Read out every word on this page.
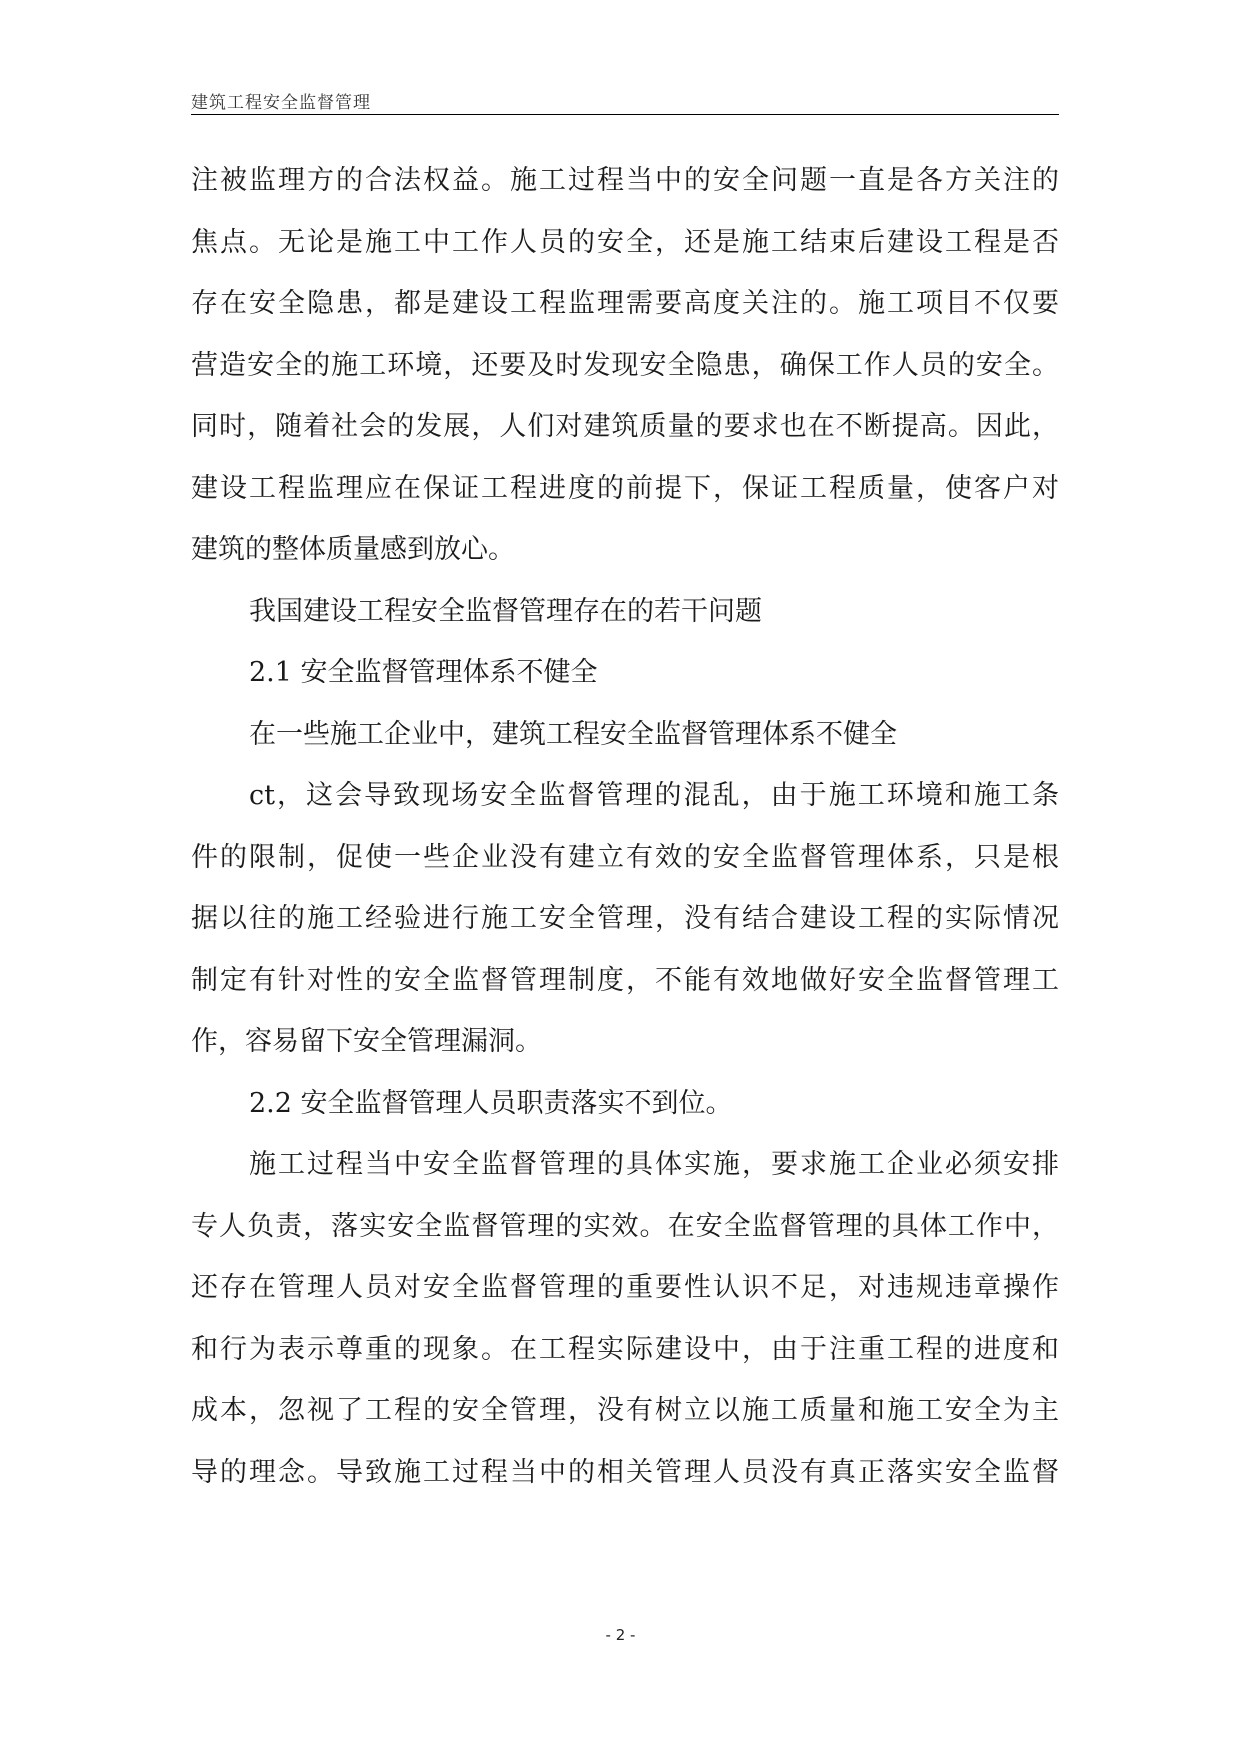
建筑工程安全监督管理
注被监理方的合法权益。施工过程当中的安全问题一直是各方关注的
焦点。无论是施工中工作人员的安全，还是施工结束后建设工程是否
存在安全隐患，都是建设工程监理需要高度关注的。施工项目不仅要
营造安全的施工环境，还要及时发现安全隐患，确保工作人员的安全。
同时，随着社会的发展，人们对建筑质量的要求也在不断提高。因此，
建设工程监理应在保证工程进度的前提下，保证工程质量，使客户对
建筑的整体质量感到放心。
我国建设工程安全监督管理存在的若干问题
2.1 安全监督管理体系不健全
在一些施工企业中，建筑工程安全监督管理体系不健全
ct，这会导致现场安全监督管理的混乱，由于施工环境和施工条
件的限制，促使一些企业没有建立有效的安全监督管理体系，只是根
据以往的施工经验进行施工安全管理，没有结合建设工程的实际情况
制定有针对性的安全监督管理制度，不能有效地做好安全监督管理工
作，容易留下安全管理漏洞。
2.2 安全监督管理人员职责落实不到位。
施工过程当中安全监督管理的具体实施，要求施工企业必须安排
专人负责，落实安全监督管理的实效。在安全监督管理的具体工作中，
还存在管理人员对安全监督管理的重要性认识不足，对违规违章操作
和行为表示尊重的现象。在工程实际建设中，由于注重工程的进度和
成本，忽视了工程的安全管理，没有树立以施工质量和施工安全为主
导的理念。导致施工过程当中的相关管理人员没有真正落实安全监督
- 2 -
